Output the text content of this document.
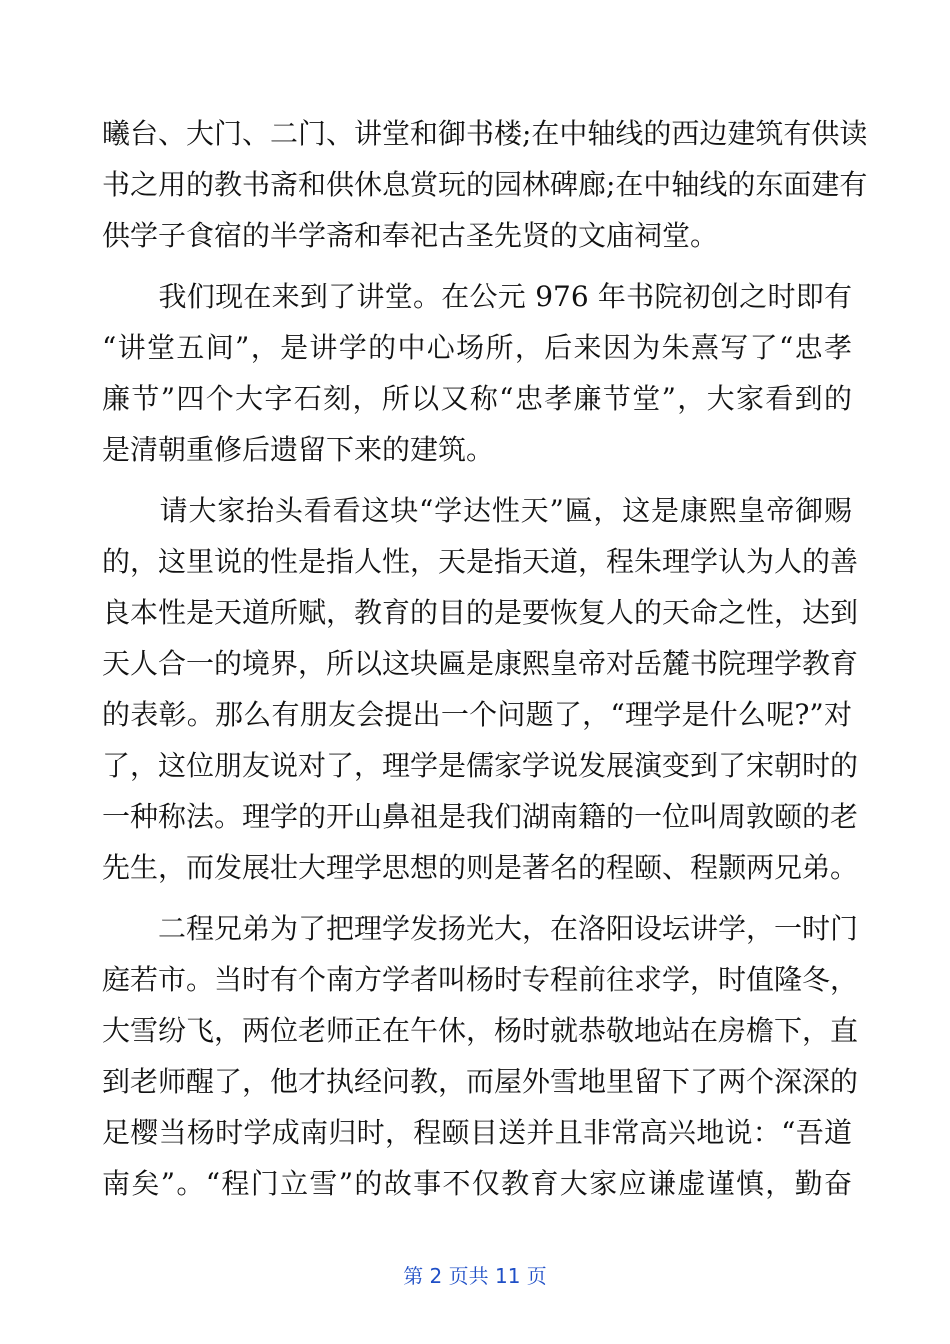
曦台、大门、二门、讲堂和御书楼;在中轴线的西边建筑有供读
书之用的教书斋和供休息赏玩的园林碑廊;在中轴线的东面建有
供学子食宿的半学斋和奉祀古圣先贤的文庙祠堂。
　　我们现在来到了讲堂。在公元 976 年书院初创之时即有
“讲堂五间”，是讲学的中心场所，后来因为朱熹写了“忠孝
廉节”四个大字石刻，所以又称“忠孝廉节堂”，大家看到的
是清朝重修后遗留下来的建筑。
　　请大家抬头看看这块“学达性天”匾，这是康熙皇帝御赐
的，这里说的性是指人性，天是指天道，程朱理学认为人的善
良本性是天道所赋，教育的目的是要恢复人的天命之性，达到
天人合一的境界，所以这块匾是康熙皇帝对岳麓书院理学教育
的表彰。那么有朋友会提出一个问题了，“理学是什么呢?”对
了，这位朋友说对了，理学是儒家学说发展演变到了宋朝时的
一种称法。理学的开山鼻祖是我们湖南籍的一位叫周敦颐的老
先生，而发展壮大理学思想的则是著名的程颐、程颢两兄弟。
　　二程兄弟为了把理学发扬光大，在洛阳设坛讲学，一时门
庭若市。当时有个南方学者叫杨时专程前往求学，时值隆冬，
大雪纷飞，两位老师正在午休，杨时就恭敬地站在房檐下，直
到老师醒了，他才执经问教，而屋外雪地里留下了两个深深的
足樱当杨时学成南归时，程颐目送并且非常高兴地说：“吾道
南矣”。“程门立雪”的故事不仅教育大家应谦虚谨慎，勤奋
第 2 页共 11 页
